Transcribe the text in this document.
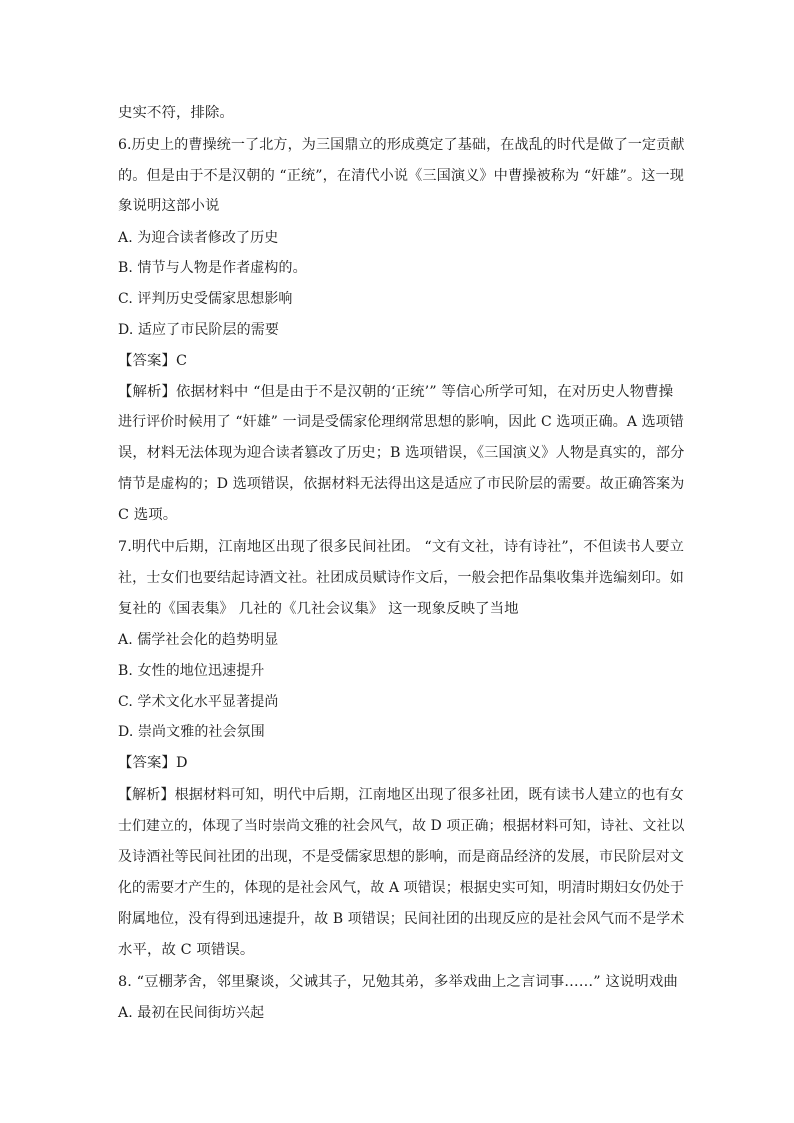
史实不符，排除。
6.历史上的曹操统一了北方，为三国鼎立的形成奠定了基础，在战乱的时代是做了一定贡献
的。但是由于不是汉朝的 “正统”，在清代小说《三国演义》中曹操被称为 “奸雄”。这一现
象说明这部小说
A. 为迎合读者修改了历史
B. 情节与人物是作者虚构的。
C. 评判历史受儒家思想影响
D. 适应了市民阶层的需要
【答案】C
【解析】依据材料中 “但是由于不是汉朝的‘正统’” 等信心所学可知，在对历史人物曹操
进行评价时候用了 “奸雄” 一词是受儒家伦理纲常思想的影响，因此 C 选项正确。A 选项错
误，材料无法体现为迎合读者篡改了历史；B 选项错误，《三国演义》人物是真实的，部分
情节是虚构的；D 选项错误，依据材料无法得出这是适应了市民阶层的需要。故正确答案为
C 选项。
7.明代中后期，江南地区出现了很多民间社团。 “文有文社，诗有诗社”，不但读书人要立
社，士女们也要结起诗酒文社。社团成员赋诗作文后，一般会把作品集收集并选编刻印。如
复社的《国表集》 几社的《几社会议集》 这一现象反映了当地
A. 儒学社会化的趋势明显
B. 女性的地位迅速提升
C. 学术文化水平显著提尚
D. 崇尚文雅的社会氛围
【答案】D
【解析】根据材料可知，明代中后期，江南地区出现了很多社团，既有读书人建立的也有女
士们建立的，体现了当时崇尚文雅的社会风气，故 D 项正确；根据材料可知，诗社、文社以
及诗酒社等民间社团的出现，不是受儒家思想的影响，而是商品经济的发展，市民阶层对文
化的需要才产生的，体现的是社会风气，故 A 项错误；根据史实可知，明清时期妇女仍处于
附属地位，没有得到迅速提升，故 B 项错误；民间社团的出现反应的是社会风气而不是学术
水平，故 C 项错误。
8. “豆棚茅舍，邻里聚谈，父诫其子，兄勉其弟，多举戏曲上之言词事……” 这说明戏曲
A. 最初在民间街坊兴起
